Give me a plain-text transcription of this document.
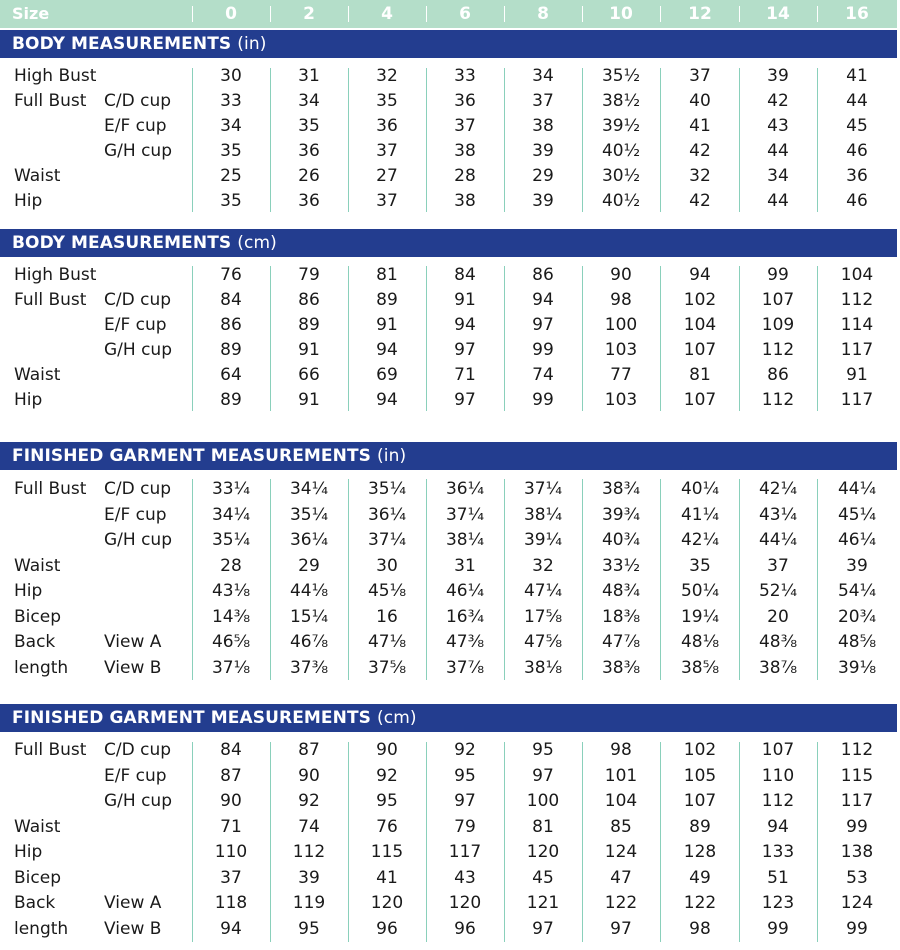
Size	0	2	4	6	8	10	12	14	16
BODY MEASUREMENTS (in)
High Bust	30	31	32	33	34	35½	37	39	41
Full Bust C/D cup	33	34	35	36	37	38½	40	42	44
E/F cup	34	35	36	37	38	39½	41	43	45
G/H cup	35	36	37	38	39	40½	42	44	46
Waist	25	26	27	28	29	30½	32	34	36
Hip	35	36	37	38	39	40½	42	44	46
BODY MEASUREMENTS (cm)
High Bust	76	79	81	84	86	90	94	99	104
Full Bust C/D cup	84	86	89	91	94	98	102	107	112
E/F cup	86	89	91	94	97	100	104	109	114
G/H cup	89	91	94	97	99	103	107	112	117
Waist	64	66	69	71	74	77	81	86	91
Hip	89	91	94	97	99	103	107	112	117
FINISHED GARMENT MEASUREMENTS (in)
Full Bust C/D cup	33¼	34¼	35¼	36¼	37¼	38¾	40¼	42¼	44¼
E/F cup	34¼	35¼	36¼	37¼	38¼	39¾	41¼	43¼	45¼
G/H cup	35¼	36¼	37¼	38¼	39¼	40¾	42¼	44¼	46¼
Waist	28	29	30	31	32	33½	35	37	39
Hip	43⅛	44⅛	45⅛	46¼	47¼	48¾	50¼	52¼	54¼
Bicep	14⅜	15¼	16	16¾	17⅝	18⅜	19¼	20	20¾
Back	View A	46⅝	46⅞	47⅛	47⅜	47⅝	47⅞	48⅛	48⅜	48⅝
length View B	37⅛	37⅜	37⅝	37⅞	38⅛	38⅜	38⅝	38⅞	39⅛
FINISHED GARMENT MEASUREMENTS (cm)
Full Bust C/D cup	84	87	90	92	95	98	102	107	112
E/F cup	87	90	92	95	97	101	105	110	115
G/H cup	90	92	95	97	100	104	107	112	117
Waist	71	74	76	79	81	85	89	94	99
Hip	110	112	115	117	120	124	128	133	138
Bicep	37	39	41	43	45	47	49	51	53
Back	View A	118	119	120	120	121	122	122	123	124
length View B	94	95	96	96	97	97	98	99	99
